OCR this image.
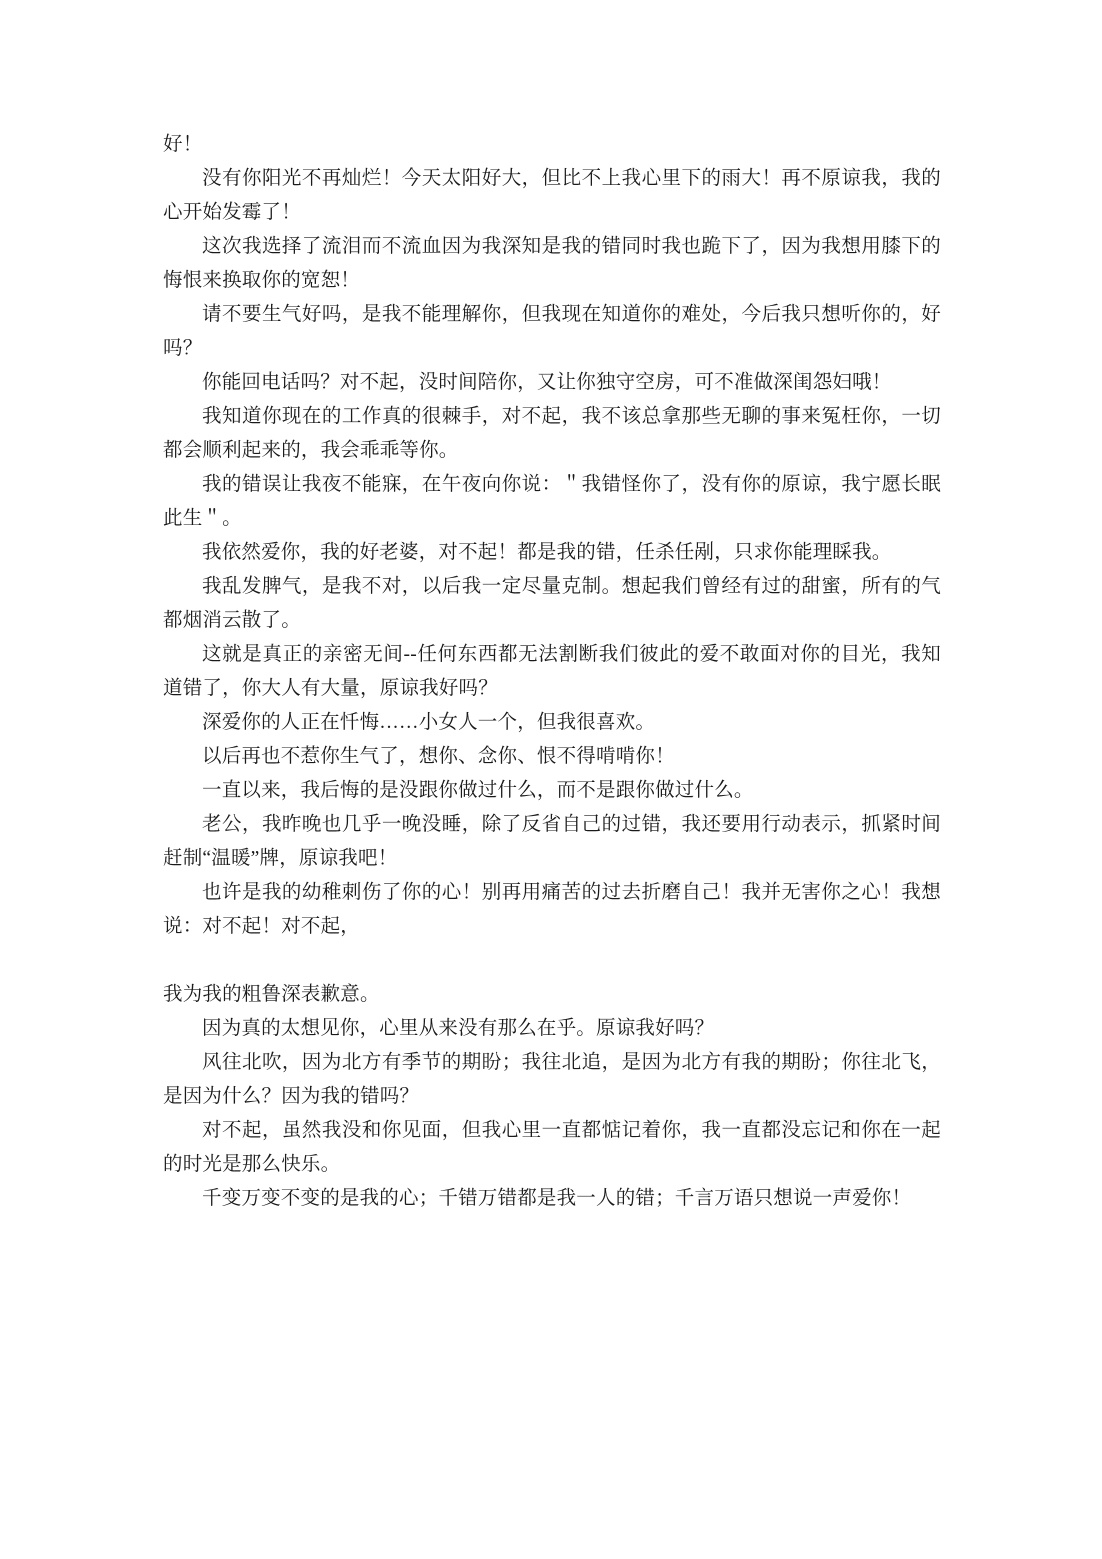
好！

没有你阳光不再灿烂！今天太阳好大，但比不上我心里下的雨大！再不原谅我，我的心开始发霉了！

这次我选择了流泪而不流血因为我深知是我的错同时我也跪下了，因为我想用膝下的悔恨来换取你的宽恕！

请不要生气好吗，是我不能理解你，但我现在知道你的难处，今后我只想听你的，好吗？

你能回电话吗？对不起，没时间陪你，又让你独守空房，可不准做深闺怨妇哦！

我知道你现在的工作真的很棘手，对不起，我不该总拿那些无聊的事来冤枉你，一切都会顺利起来的，我会乖乖等你。

我的错误让我夜不能寐，在午夜向你说：＂我错怪你了，没有你的原谅，我宁愿长眠此生＂。

我依然爱你，我的好老婆，对不起！都是我的错，任杀任剐，只求你能理睬我。

我乱发脾气，是我不对，以后我一定尽量克制。想起我们曾经有过的甜蜜，所有的气都烟消云散了。

这就是真正的亲密无间--任何东西都无法割断我们彼此的爱不敢面对你的目光，我知道错了，你大人有大量，原谅我好吗？

深爱你的人正在忏悔……小女人一个，但我很喜欢。

以后再也不惹你生气了，想你、念你、恨不得啃啃你！

一直以来，我后悔的是没跟你做过什么，而不是跟你做过什么。

老公，我昨晚也几乎一晚没睡，除了反省自己的过错，我还要用行动表示，抓紧时间赶制“温暖”牌，原谅我吧！

也许是我的幼稚刺伤了你的心！别再用痛苦的过去折磨自己！我并无害你之心！我想说：对不起！对不起，

我为我的粗鲁深表歉意。

因为真的太想见你，心里从来没有那么在乎。原谅我好吗？

风往北吹，因为北方有季节的期盼；我往北追，是因为北方有我的期盼；你往北飞，是因为什么？因为我的错吗？

对不起，虽然我没和你见面，但我心里一直都惦记着你，我一直都没忘记和你在一起的时光是那么快乐。

千变万变不变的是我的心；千错万错都是我一人的错；千言万语只想说一声爱你！
